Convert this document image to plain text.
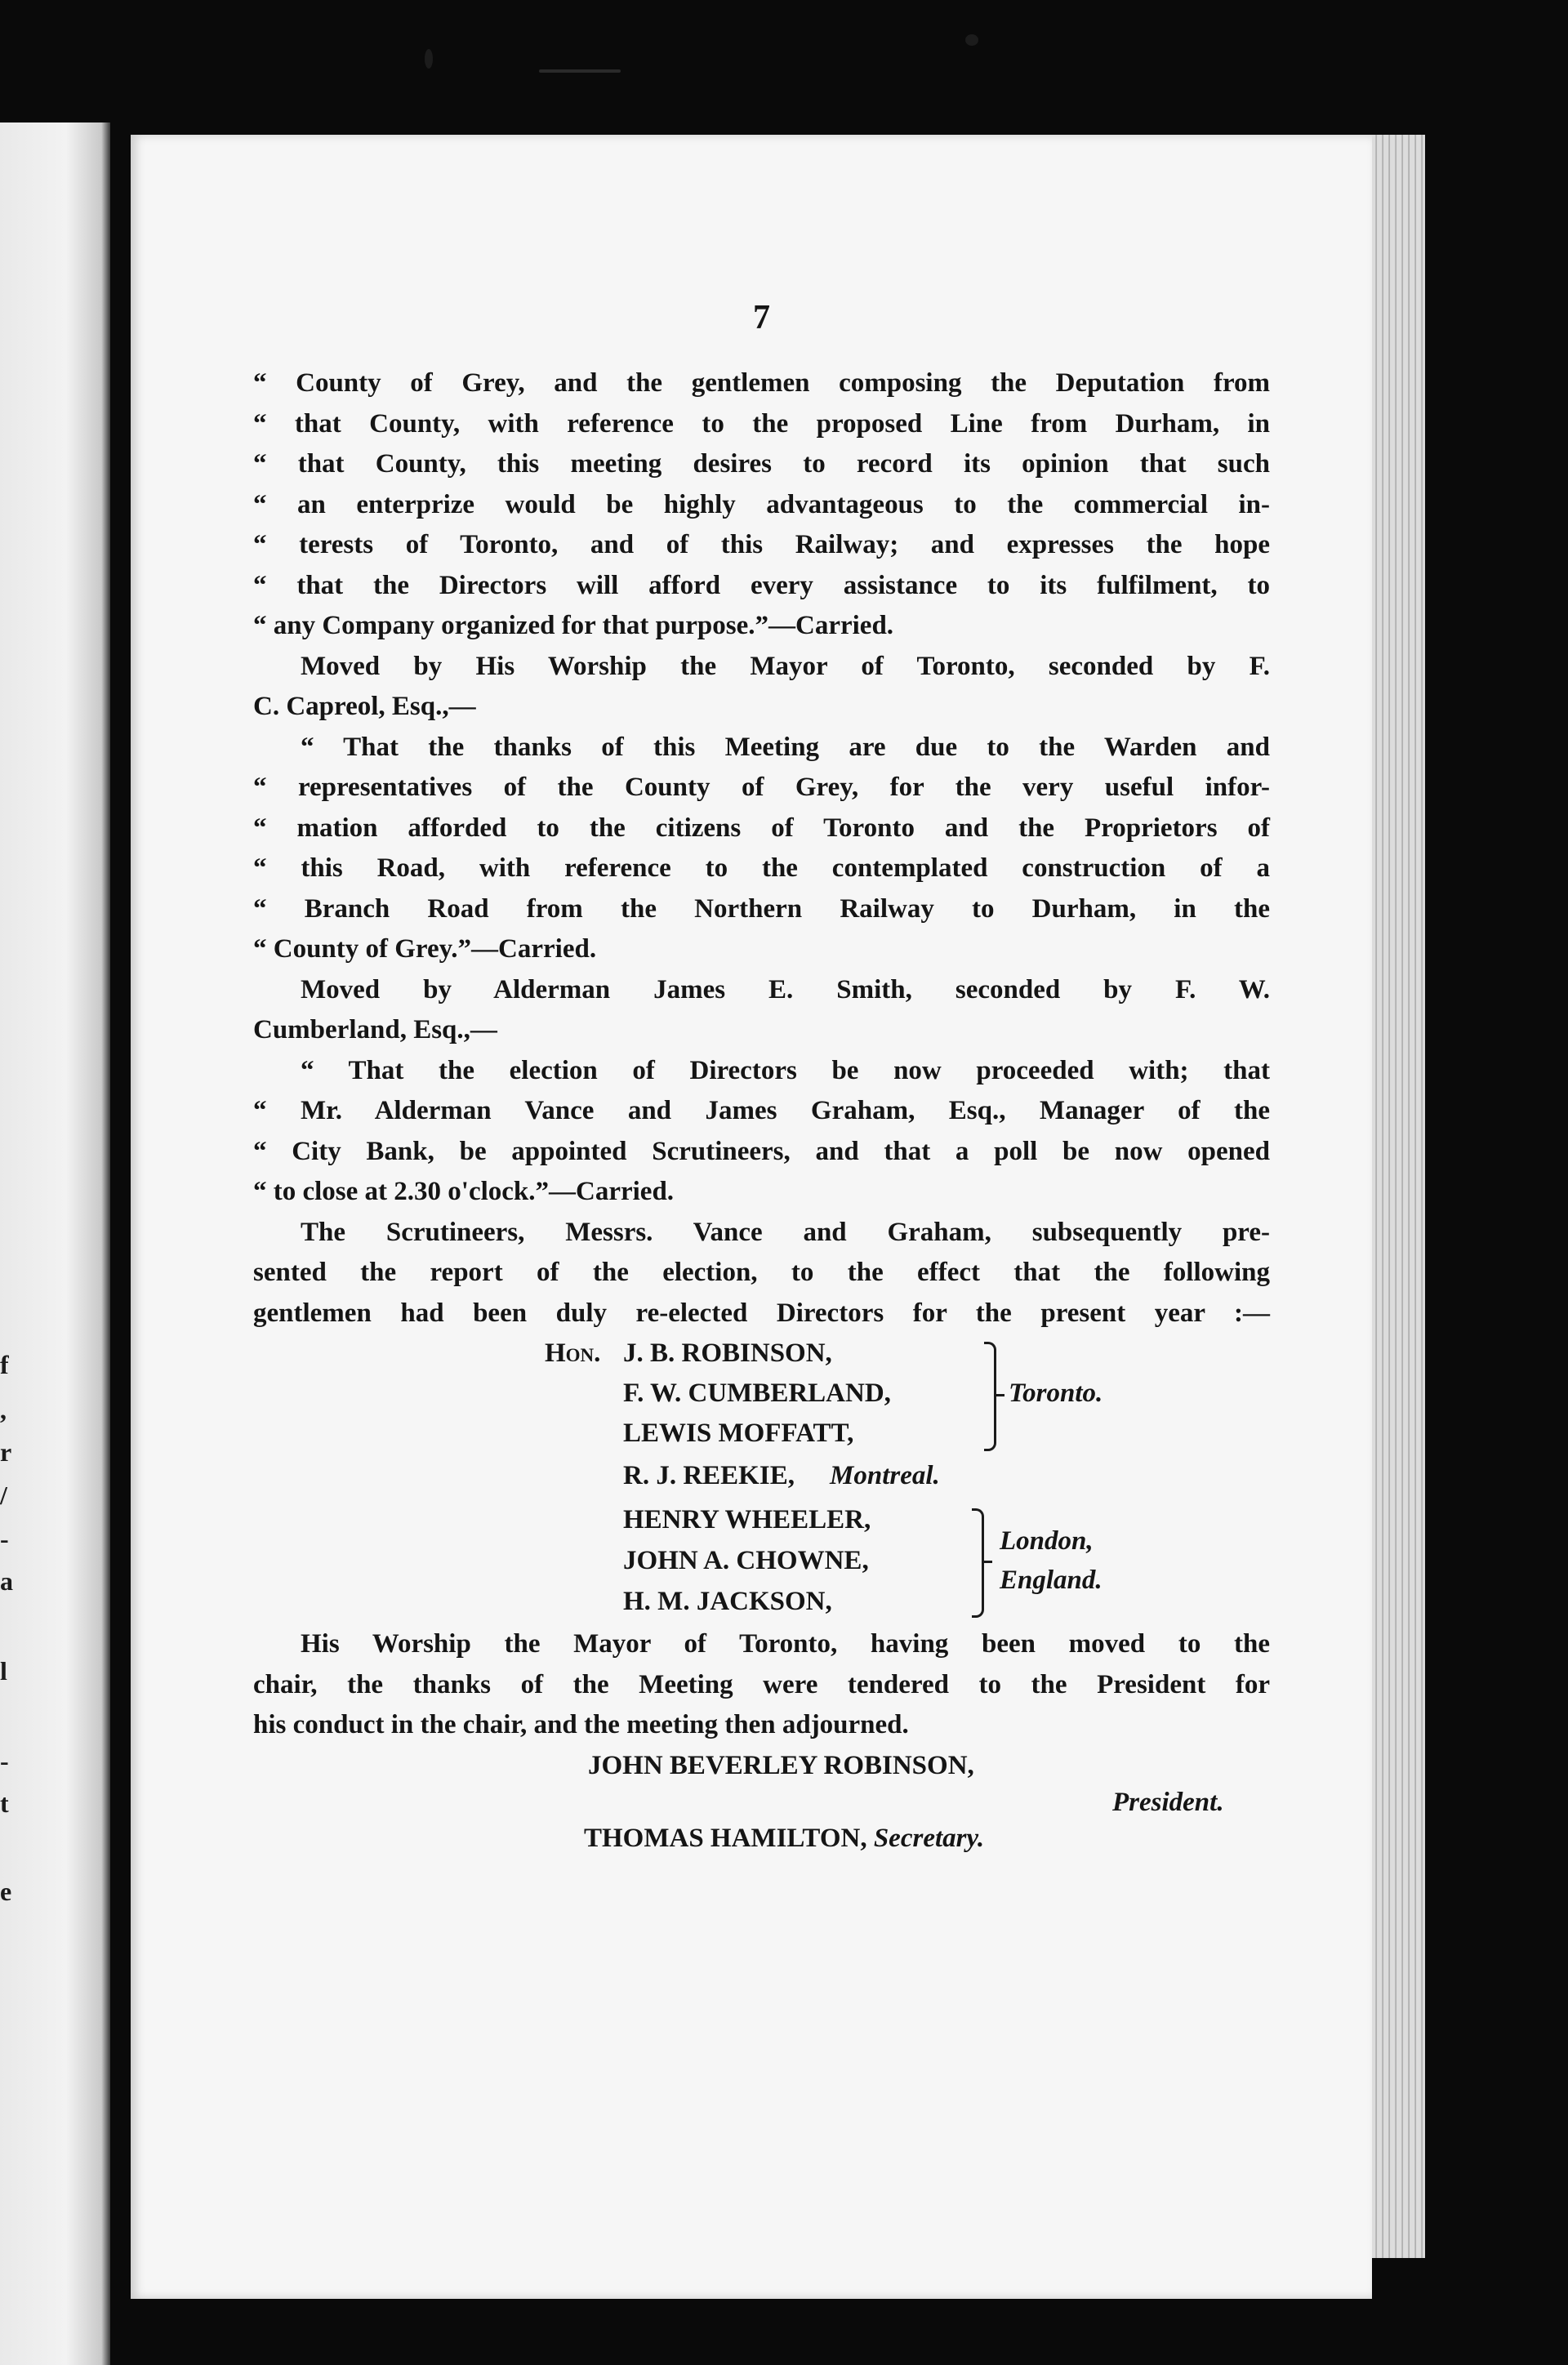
f
,
r
/
-
a
l
-
t
e
7
“ County of Grey, and the gentlemen composing the Deputation from
“ that County, with reference to the proposed Line from Durham, in
“ that County, this meeting desires to record its opinion that such
“ an enterprize would be highly advantageous to the commercial in-
“ terests of Toronto, and of this Railway; and expresses the hope
“ that the Directors will afford every assistance to its fulfilment, to
“ any Company organized for that purpose.”—Carried.
Moved by His Worship the Mayor of Toronto, seconded by F.
C. Capreol, Esq.,—
“ That the thanks of this Meeting are due to the Warden and
“ representatives of the County of Grey, for the very useful infor-
“ mation afforded to the citizens of Toronto and the Proprietors of
“ this Road, with reference to the contemplated construction of a
“ Branch Road from the Northern Railway to Durham, in the
“ County of Grey.”—Carried.
Moved by Alderman James E. Smith, seconded by F. W.
Cumberland, Esq.,—
“ That the election of Directors be now proceeded with; that
“ Mr. Alderman Vance and James Graham, Esq., Manager of the
“ City Bank, be appointed Scrutineers, and that a poll be now opened
“ to close at 2.30 o'clock.”—Carried.
The Scrutineers, Messrs. Vance and Graham, subsequently pre-
sented the report of the election, to the effect that the following
gentlemen had been duly re-elected Directors for the present year :—
Hon. J. B. ROBINSON,
F. W. CUMBERLAND,
LEWIS MOFFATT,
Toronto.
R. J. REEKIE, Montreal.
HENRY WHEELER,
JOHN A. CHOWNE,
H. M. JACKSON,
London,
England.
His Worship the Mayor of Toronto, having been moved to the
chair, the thanks of the Meeting were tendered to the President for
his conduct in the chair, and the meeting then adjourned.
JOHN BEVERLEY ROBINSON,
President.
THOMAS HAMILTON, Secretary.
